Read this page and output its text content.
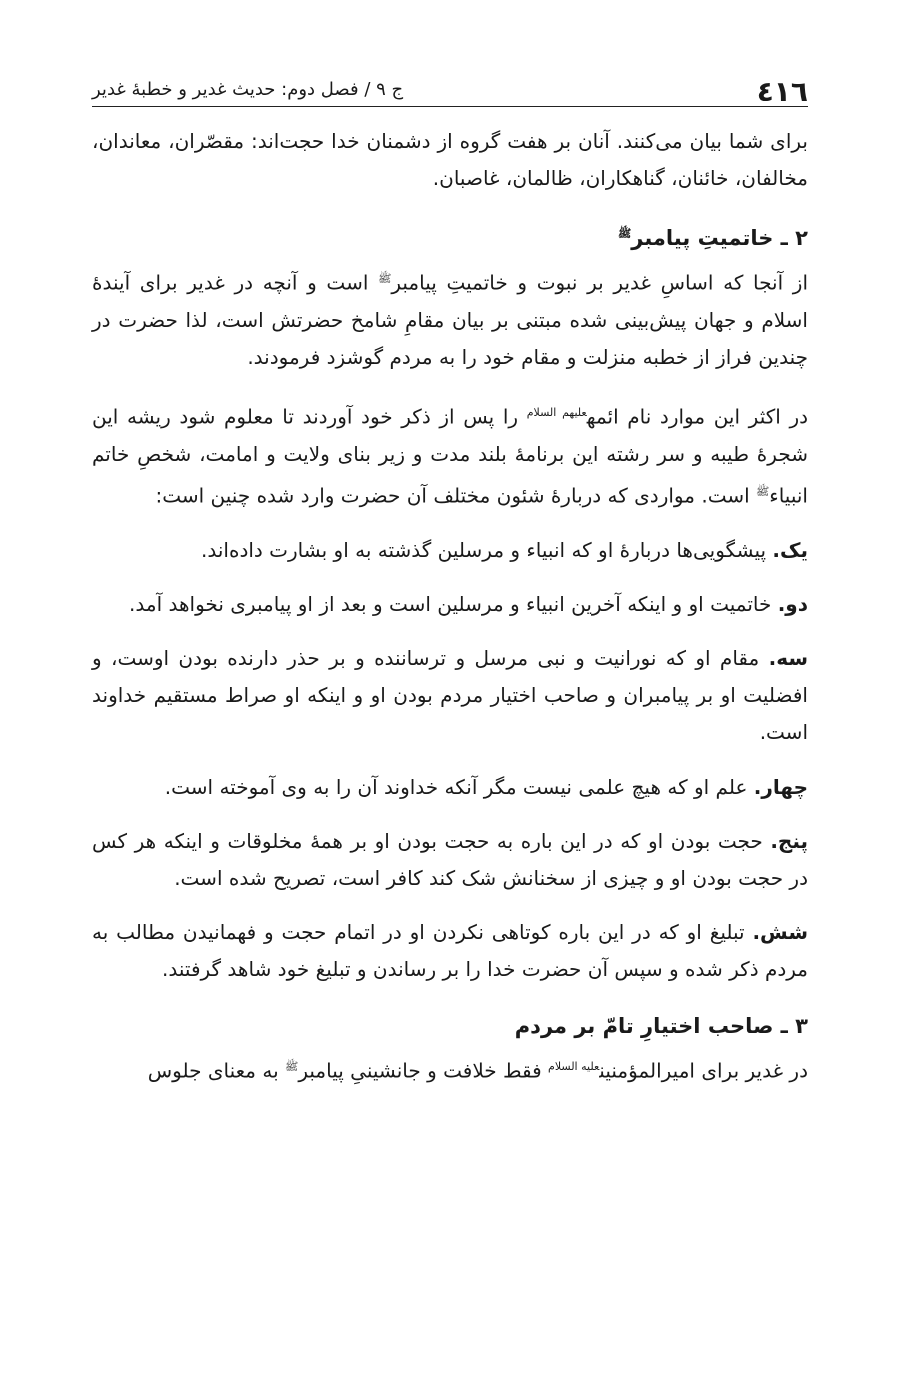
٤١٦
ج ۹ / فصل دوم: حديث غدير و خطبۀ غدير

براى شما بيان مى‌كنند. آنان بر هفت گروه از دشمنان خدا حجت‌اند: مقصّران، معاندان، مخالفان، خائنان، گناهكاران، ظالمان، غاصبان.

۲ ـ خاتميتِ پيامبر$^ﷺ$

از آنجا كه اساسِ غدير بر نبوت و خاتميتِ پيامبر$^ﷺ$ است و آنچه در غدير براى آيندۀ اسلام و جهان پيش‌بينى شده مبتنى بر بيان مقامِ شامخ حضرتش است، لذا حضرت در چندين فراز از خطبه منزلت و مقام خود را به مردم گوشزد فرمودند.

در اكثر اين موارد نام ائمه$^{عليهم السلام}$ را پس از ذكر خود آوردند تا معلوم شود ريشه اين شجرۀ طيبه و سر رشته اين برنامۀ بلند مدت و زير بناى ولايت و امامت، شخصِ خاتم انبياء$^ﷺ$ است. مواردى كه دربارۀ شئون مختلف آن حضرت وارد شده چنين است:

يک. پيشگويى‌ها دربارۀ او كه انبياء و مرسلين گذشته به او بشارت داده‌اند.

دو. خاتميت او و اينكه آخرين انبياء و مرسلين است و بعد از او پيامبرى نخواهد آمد.

سه. مقام او كه نورانيت و نبى مرسل و ترساننده و بر حذر دارنده بودن اوست، و افضليت او بر پيامبران و صاحب اختيار مردم بودن او و اينكه او صراط مستقيم خداوند است.

چهار. علم او كه هيچ علمى نيست مگر آنكه خداوند آن را به وى آموخته است.

پنج. حجت بودن او كه در اين باره به حجت بودن او بر همۀ مخلوقات و اينكه هر كس در حجت بودن او و چيزى از سخنانش شک كند كافر است، تصريح شده است.

شش. تبليغ او كه در اين باره كوتاهى نكردن او در اتمام حجت و فهمانيدن مطالب به مردم ذكر شده و سپس آن حضرت خدا را بر رساندن و تبليغ خود شاهد گرفتند.

۳ ـ صاحب اختيارِ تامّ بر مردم

در غدير براى اميرالمؤمنين$^{عليه السلام}$ فقط خلافت و جانشينىِ پيامبر$^ﷺ$ به معناى جلوس
